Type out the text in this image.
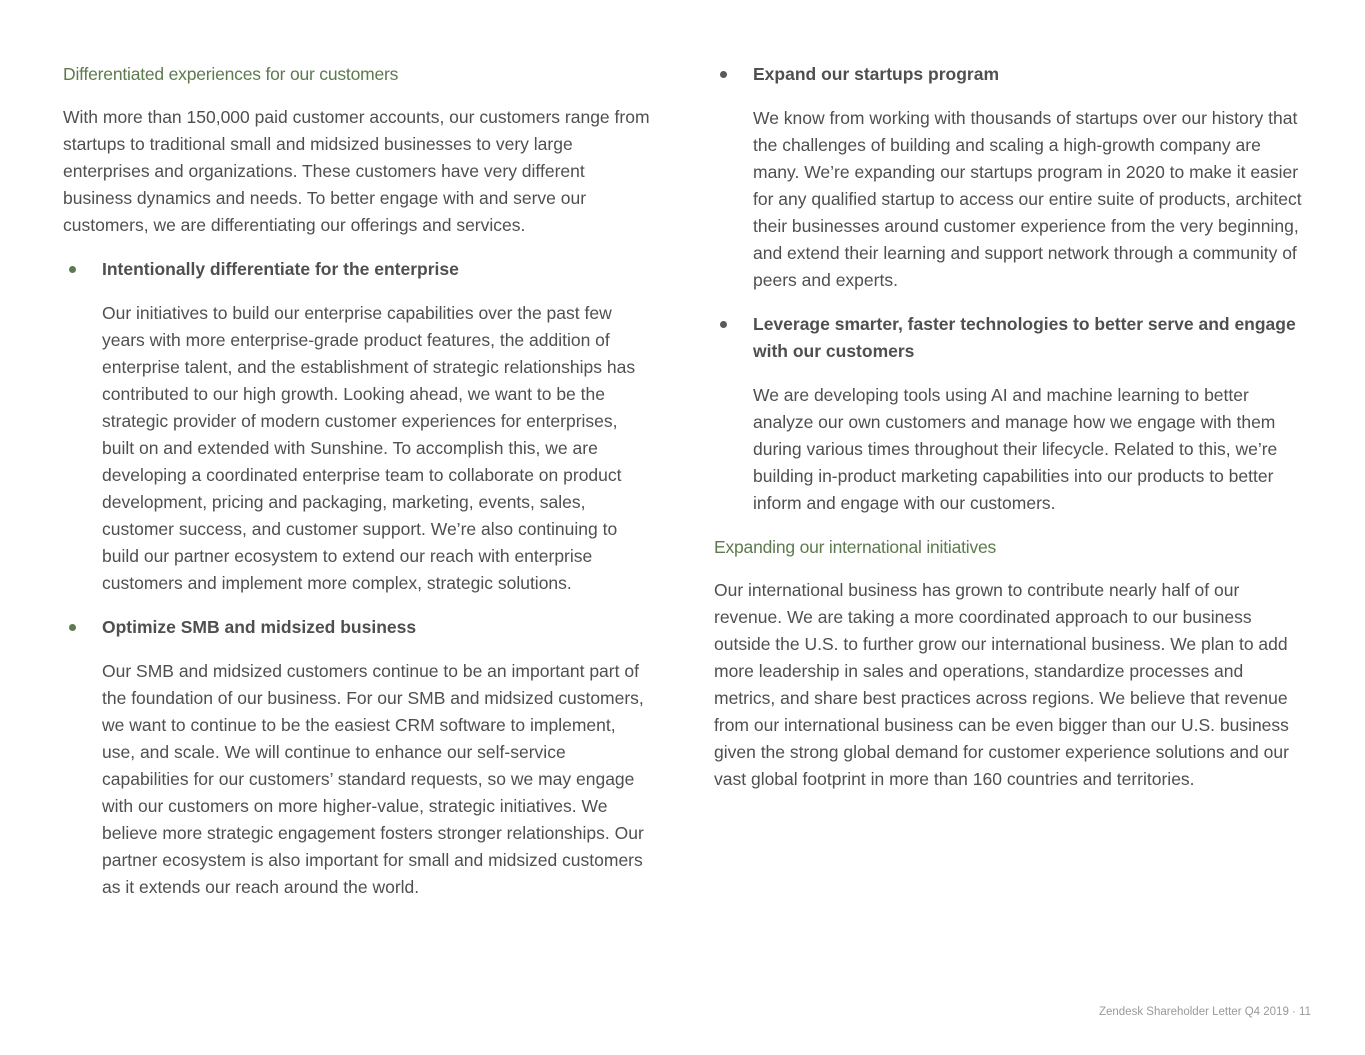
Differentiated experiences for our customers

With more than 150,000 paid customer accounts, our customers range from startups to traditional small and midsized businesses to very large enterprises and organizations. These customers have very different business dynamics and needs. To better engage with and serve our customers, we are differentiating our offerings and services.

Intentionally differentiate for the enterprise

Our initiatives to build our enterprise capabilities over the past few years with more enterprise-grade product features, the addition of enterprise talent, and the establishment of strategic relationships has contributed to our high growth. Looking ahead, we want to be the strategic provider of modern customer experiences for enterprises, built on and extended with Sunshine. To accomplish this, we are developing a coordinated enterprise team to collaborate on product development, pricing and packaging, marketing, events, sales, customer success, and customer support. We’re also continuing to build our partner ecosystem to extend our reach with enterprise customers and implement more complex, strategic solutions.

Optimize SMB and midsized business

Our SMB and midsized customers continue to be an important part of the foundation of our business. For our SMB and midsized customers, we want to continue to be the easiest CRM software to implement, use, and scale. We will continue to enhance our self-service capabilities for our customers’ standard requests, so we may engage with our customers on more higher-value, strategic initiatives. We believe more strategic engagement fosters stronger relationships. Our partner ecosystem is also important for small and midsized customers as it extends our reach around the world.

Expand our startups program

We know from working with thousands of startups over our history that the challenges of building and scaling a high-growth company are many. We’re expanding our startups program in 2020 to make it easier for any qualified startup to access our entire suite of products, architect their businesses around customer experience from the very beginning, and extend their learning and support network through a community of peers and experts.

Leverage smarter, faster technologies to better serve and engage with our customers

We are developing tools using AI and machine learning to better analyze our own customers and manage how we engage with them during various times throughout their lifecycle. Related to this, we’re building in-product marketing capabilities into our products to better inform and engage with our customers.

Expanding our international initiatives

Our international business has grown to contribute nearly half of our revenue. We are taking a more coordinated approach to our business outside the U.S. to further grow our international business. We plan to add more leadership in sales and operations, standardize processes and metrics, and share best practices across regions. We believe that revenue from our international business can be even bigger than our U.S. business given the strong global demand for customer experience solutions and our vast global footprint in more than 160 countries and territories.

Zendesk Shareholder Letter Q4 2019 · 11
